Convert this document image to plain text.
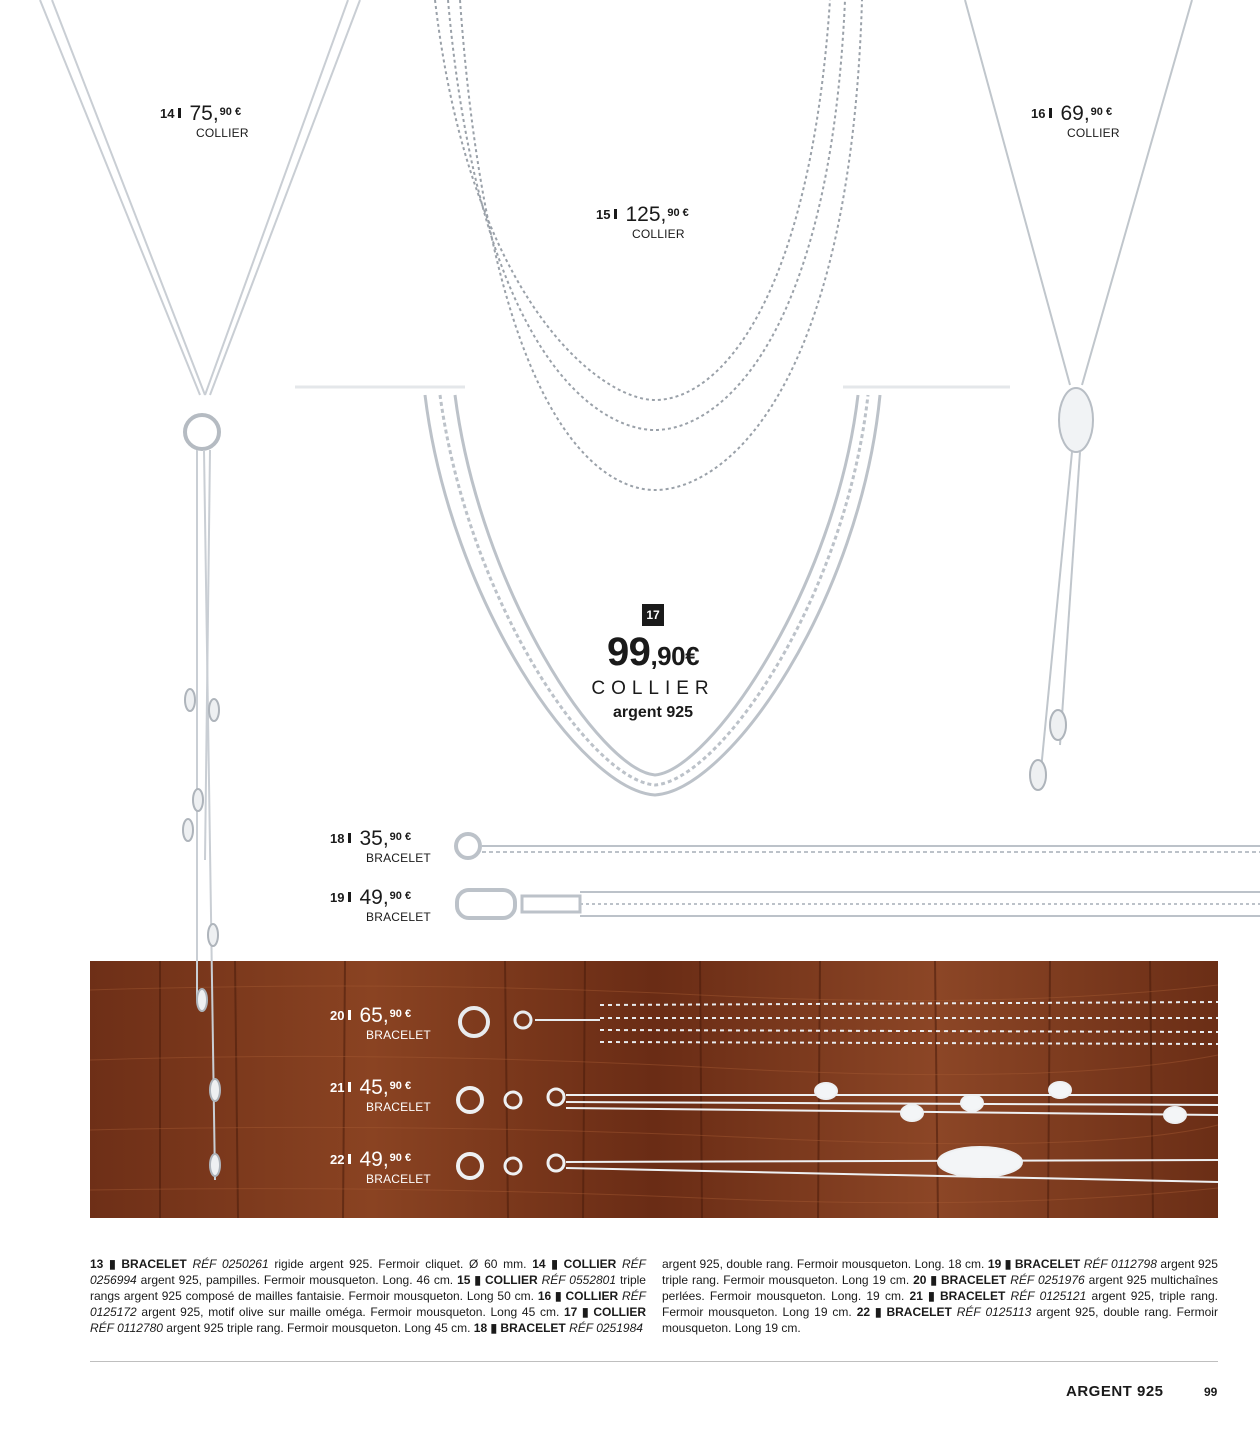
14 75, 90 €
COLLIER
15 125, 90 €
COLLIER
16 69, 90 €
COLLIER
18 35, 90 €
BRACELET
19 49, 90 €
BRACELET
20 65, 90 €
BRACELET
21 45, 90 €
BRACELET
22 49, 90 €
BRACELET
17
99,90€
COLLIER
argent 925
13 ▮ BRACELET RÉF 0250261 rigide argent 925. Fermoir cliquet. Ø 60 mm. 14 ▮ COLLIER RÉF 0256994 argent 925, pampilles. Fermoir mousqueton. Long. 46 cm. 15 ▮ COLLIER RÉF 0552801 triple rangs argent 925 composé de mailles fantaisie. Fermoir mousqueton. Long 50 cm. 16 ▮ COLLIER RÉF 0125172 argent 925, motif olive sur maille oméga. Fermoir mousqueton. Long 45 cm. 17 ▮ COLLIER RÉF 0112780 argent 925 triple rang. Fermoir mousqueton. Long 45 cm. 18 ▮ BRACELET RÉF 0251984
argent 925, double rang. Fermoir mousqueton. Long. 18 cm. 19 ▮ BRACELET RÉF 0112798 argent 925 triple rang. Fermoir mousqueton. Long 19 cm. 20 ▮ BRACELET RÉF 0251976 argent 925 multichaînes perlées. Fermoir mousqueton. Long. 19 cm. 21 ▮ BRACELET RÉF 0125121 argent 925, triple rang. Fermoir mousqueton. Long 19 cm. 22 ▮ BRACELET RÉF 0125113 argent 925, double rang. Fermoir mousqueton. Long 19 cm.
ARGENT 925	99
